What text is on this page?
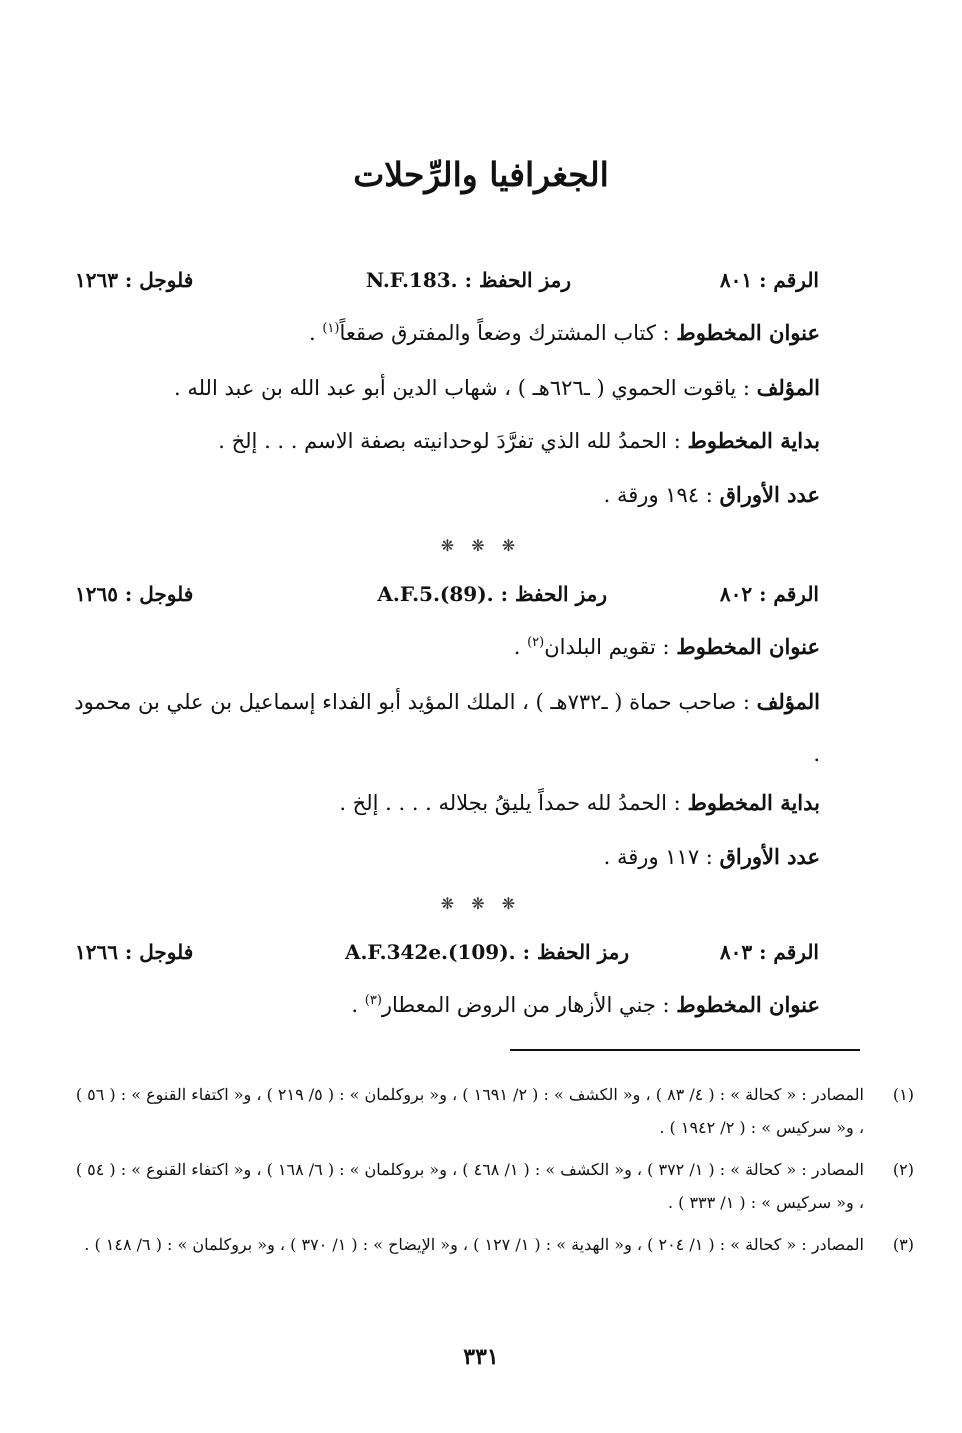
الجغرافيا والرِّحلات
الرقم : ٨٠١
رمز الحفظ : N.F.183.
فلوجل : ١٢٦٣
عنوان المخطوط : كتاب المشترك وضعاً والمفترق صقعاً$^{(١)}$ .
المؤلف : ياقوت الحموي ( ـ٦٢٦هـ ) ، شهاب الدين أبو عبد الله بن عبد الله .
بداية المخطوط : الحمدُ لله الذي تفرَّدَ لوحدانيته بصفة الاسم . . . إلخ .
عدد الأوراق : ١٩٤ ورقة .
❋ ❋ ❋
الرقم : ٨٠٢
رمز الحفظ : A.F.5.(89).
فلوجل : ١٢٦٥
عنوان المخطوط : تقويم البلدان$^{(٢)}$ .
المؤلف : صاحب حماة ( ـ٧٣٢هـ ) ، الملك المؤيد أبو الفداء إسماعيل بن علي بن محمود .
بداية المخطوط : الحمدُ لله حمداً يليقُ بجلاله . . . . إلخ .
عدد الأوراق : ١١٧ ورقة .
❋ ❋ ❋
الرقم : ٨٠٣
رمز الحفظ : A.F.342e.(109).
فلوجل : ١٢٦٦
عنوان المخطوط : جني الأزهار من الروض المعطار$^{(٣)}$ .
(١)
المصادر : « كحالة » : ( ٤/ ٨٣ ) ، و« الكشف » : ( ٢/ ١٦٩١ ) ، و« بروكلمان » : ( ٥/ ٢١٩ ) ، و« اكتفاء القنوع » : ( ٥٦ ) ، و« سركيس » : ( ٢/ ١٩٤٢ ) .
(٢)
المصادر : « كحالة » : ( ١/ ٣٧٢ ) ، و« الكشف » : ( ١/ ٤٦٨ ) ، و« بروكلمان » : ( ٦/ ١٦٨ ) ، و« اكتفاء القنوع » : ( ٥٤ ) ، و« سركيس » : ( ١/ ٣٣٣ ) .
(٣)
المصادر : « كحالة » : ( ١/ ٢٠٤ ) ، و« الهدية » : ( ١/ ١٢٧ ) ، و« الإيضاح » : ( ١/ ٣٧٠ ) ، و« بروكلمان » : ( ٦/ ١٤٨ ) .
٣٣١
